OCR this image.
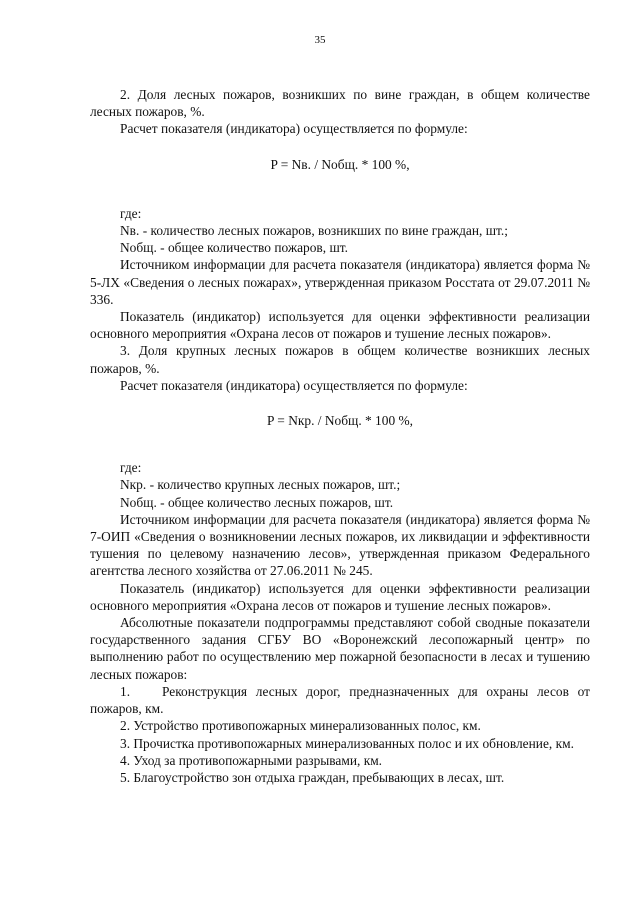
35

2. Доля лесных пожаров, возникших по вине граждан, в общем количестве лесных пожаров, %.

Расчет показателя (индикатора) осуществляется по формуле:

P = Nв. / Nобщ. * 100 %,

где:

Nв. - количество лесных пожаров, возникших по вине граждан, шт.;

Nобщ. - общее количество пожаров, шт.

Источником информации для расчета показателя (индикатора) является форма № 5-ЛХ «Сведения о лесных пожарах», утвержденная приказом Росстата от 29.07.2011 № 336.

Показатель (индикатор) используется для оценки эффективности реализации основного мероприятия «Охрана лесов от пожаров и тушение лесных пожаров».

3. Доля крупных лесных пожаров в общем количестве возникших лесных пожаров, %.

Расчет показателя (индикатора) осуществляется по формуле:

P = Nкр. / Nобщ. * 100 %,

где:

Nкр. - количество крупных лесных пожаров, шт.;

Nобщ. - общее количество лесных пожаров, шт.

Источником информации для расчета показателя (индикатора) является форма № 7-ОИП «Сведения о возникновении лесных пожаров, их ликвидации и эффективности тушения по целевому назначению лесов», утвержденная приказом Федерального агентства лесного хозяйства от 27.06.2011 № 245.

Показатель (индикатор) используется для оценки эффективности реализации основного мероприятия «Охрана лесов от пожаров и тушение лесных пожаров».

Абсолютные показатели подпрограммы представляют собой сводные показатели государственного задания СГБУ ВО «Воронежский лесопожарный центр» по выполнению работ по осуществлению мер пожарной безопасности в лесах и тушению лесных пожаров:

1. Реконструкция лесных дорог, предназначенных для охраны лесов от пожаров, км.

2. Устройство противопожарных минерализованных полос, км.

3. Прочистка противопожарных минерализованных полос и их обновление, км.

4. Уход за противопожарными разрывами, км.

5. Благоустройство зон отдыха граждан, пребывающих в лесах, шт.
